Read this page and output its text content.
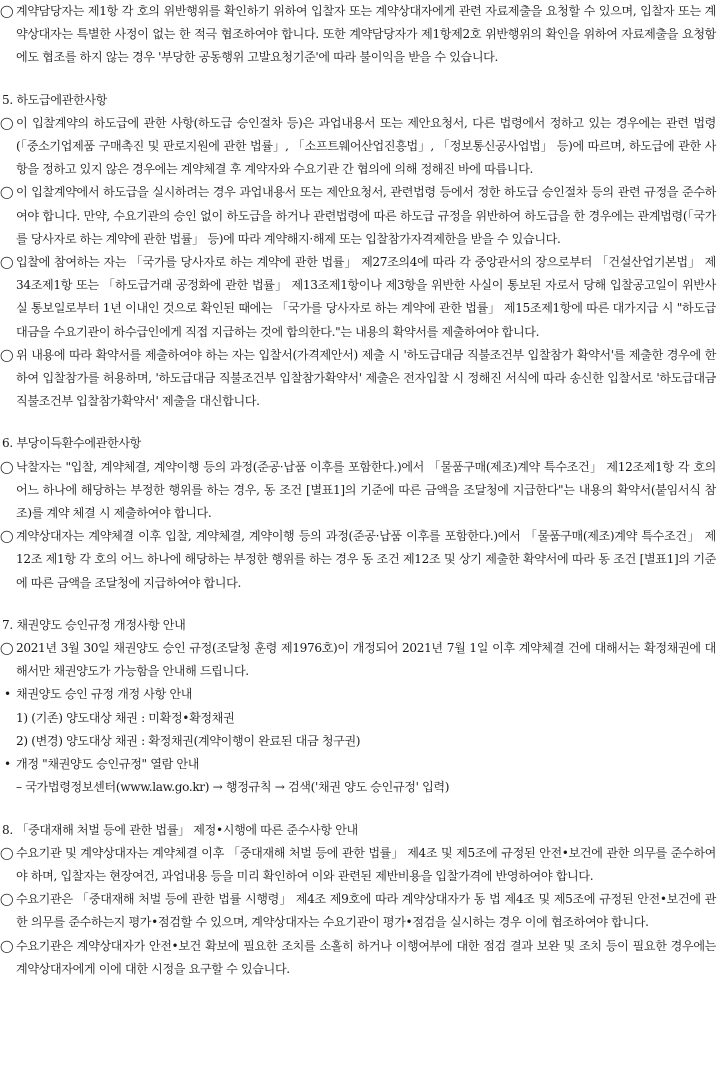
◯ 계약담당자는 제1항 각 호의 위반행위를 확인하기 위하여 입찰자 또는 계약상대자에게 관련 자료제출을 요청할 수 있으며, 입찰자 또는 계약상대자는 특별한 사정이 없는 한 적극 협조하여야 합니다. 또한 계약담당자가 제1항제2호 위반행위의 확인을 위하여 자료제출을 요청함에도 협조를 하지 않는 경우 '부당한 공동행위 고발요청기준'에 따라 불이익을 받을 수 있습니다.
5. 하도급에관한사항
◯ 이 입찰계약의 하도급에 관한 사항(하도급 승인절차 등)은 과업내용서 또는 제안요청서, 다른 법령에서 정하고 있는 경우에는 관련 법령(「중소기업제품 구매촉진 및 판로지원에 관한 법률」, 「소프트웨어산업진흥법」, 「정보통신공사업법」 등)에 따르며, 하도급에 관한 사항을 정하고 있지 않은 경우에는 계약체결 후 계약자와 수요기관 간 협의에 의해 정해진 바에 따릅니다.
◯ 이 입찰계약에서 하도급을 실시하려는 경우 과업내용서 또는 제안요청서, 관련법령 등에서 정한 하도급 승인절차 등의 관련 규정을 준수하여야 합니다. 만약, 수요기관의 승인 없이 하도급을 하거나 관련법령에 따른 하도급 규정을 위반하여 하도급을 한 경우에는 관계법령(「국가를 당사자로 하는 계약에 관한 법률」 등)에 따라 계약해지·해제 또는 입찰참가자격제한을 받을 수 있습니다.
◯ 입찰에 참여하는 자는 「국가를 당사자로 하는 계약에 관한 법률」 제27조의4에 따라 각 중앙관서의 장으로부터 「건설산업기본법」 제34조제1항 또는 「하도급거래 공정화에 관한 법률」 제13조제1항이나 제3항을 위반한 사실이 통보된 자로서 당해 입찰공고일이 위반사실 통보일로부터 1년 이내인 것으로 확인된 때에는 「국가를 당사자로 하는 계약에 관한 법률」 제15조제1항에 따른 대가지급 시 "하도급대금을 수요기관이 하수급인에게 직접 지급하는 것에 합의한다."는 내용의 확약서를 제출하여야 합니다.
◯ 위 내용에 따라 확약서를 제출하여야 하는 자는 입찰서(가격제안서) 제출 시 '하도급대금 직불조건부 입찰참가 확약서'를 제출한 경우에 한하여 입찰참가를 허용하며, '하도급대금 직불조건부 입찰참가확약서' 제출은 전자입찰 시 정해진 서식에 따라 송신한 입찰서로 '하도급대금 직불조건부 입찰참가확약서' 제출을 대신합니다.
6. 부당이득환수에관한사항
◯ 낙찰자는 "입찰, 계약체결, 계약이행 등의 과정(준공·납품 이후를 포함한다.)에서 「물품구매(제조)계약 특수조건」 제12조제1항 각 호의 어느 하나에 해당하는 부정한 행위를 하는 경우, 동 조건 [별표1]의 기준에 따른 금액을 조달청에 지급한다"는 내용의 확약서(붙임서식 참조)를 계약 체결 시 제출하여야 합니다.
◯ 계약상대자는 계약체결 이후 입찰, 계약체결, 계약이행 등의 과정(준공·납품 이후를 포함한다.)에서 「물품구매(제조)계약 특수조건」 제12조 제1항 각 호의 어느 하나에 해당하는 부정한 행위를 하는 경우 동 조건 제12조 및 상기 제출한 확약서에 따라 동 조건 [별표1]의 기준에 따른 금액을 조달청에 지급하여야 합니다.
7. 채권양도 승인규정 개정사항 안내
◯ 2021년 3월 30일 채권양도 승인 규정(조달청 훈령 제1976호)이 개정되어 2021년 7월 1일 이후 계약체결 건에 대해서는 확정채권에 대해서만 채권양도가 가능함을 안내해 드립니다.
• 채권양도 승인 규정 개정 사항 안내
1) (기존) 양도대상 채권 : 미확정•확정채권
2) (변경) 양도대상 채권 : 확정채권(계약이행이 완료된 대금 청구권)
• 개정 "채권양도 승인규정" 열람 안내
– 국가법령정보센터(www.law.go.kr) → 행정규칙 → 검색('채권 양도 승인규정' 입력)
8. 「중대재해 처벌 등에 관한 법률」 제정•시행에 따른 준수사항 안내
◯ 수요기관 및 계약상대자는 계약체결 이후 「중대재해 처벌 등에 관한 법률」 제4조 및 제5조에 규정된 안전•보건에 관한 의무를 준수하여야 하며, 입찰자는 현장여건, 과업내용 등을 미리 확인하여 이와 관련된 제반비용을 입찰가격에 반영하여야 합니다.
◯ 수요기관은 「중대재해 처벌 등에 관한 법률 시행령」 제4조 제9호에 따라 계약상대자가 동 법 제4조 및 제5조에 규정된 안전•보건에 관한 의무를 준수하는지 평가•점검할 수 있으며, 계약상대자는 수요기관이 평가•점검을 실시하는 경우 이에 협조하여야 합니다.
◯ 수요기관은 계약상대자가 안전•보건 확보에 필요한 조치를 소홀히 하거나 이행여부에 대한 점검 결과 보완 및 조치 등이 필요한 경우에는 계약상대자에게 이에 대한 시정을 요구할 수 있습니다.
